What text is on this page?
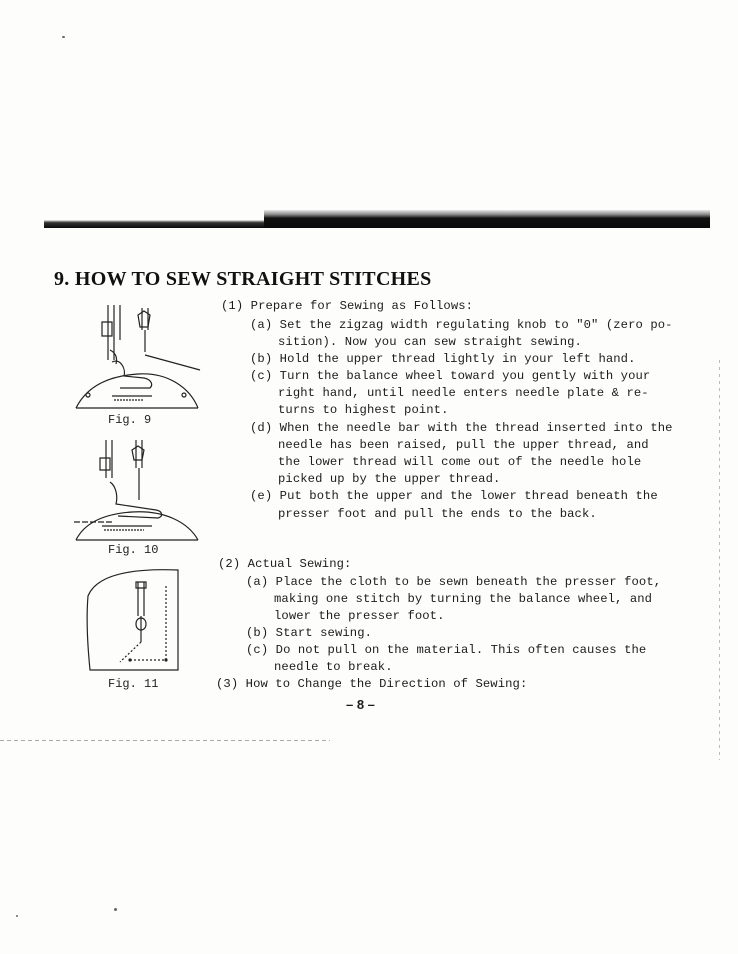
9. HOW TO SEW STRAIGHT STITCHES
Fig. 9
Fig. 10
Fig. 11
(1) Prepare for Sewing as Follows:
(a) Set the zigzag width regulating knob to "0" (zero po-
sition). Now you can sew straight sewing.
(b) Hold the upper thread lightly in your left hand.
(c) Turn the balance wheel toward you gently with your
right hand, until needle enters needle plate & re-
turns to highest point.
(d) When the needle bar with the thread inserted into the
needle has been raised, pull the upper thread, and
the lower thread will come out of the needle hole
picked up by the upper thread.
(e) Put both the upper and the lower thread beneath the
presser foot and pull the ends to the back.
(2) Actual Sewing:
(a) Place the cloth to be sewn beneath the presser foot,
making one stitch by turning the balance wheel, and
lower the presser foot.
(b) Start sewing.
(c) Do not pull on the material. This often causes the
needle to break.
(3) How to Change the Direction of Sewing:
– 8 –
